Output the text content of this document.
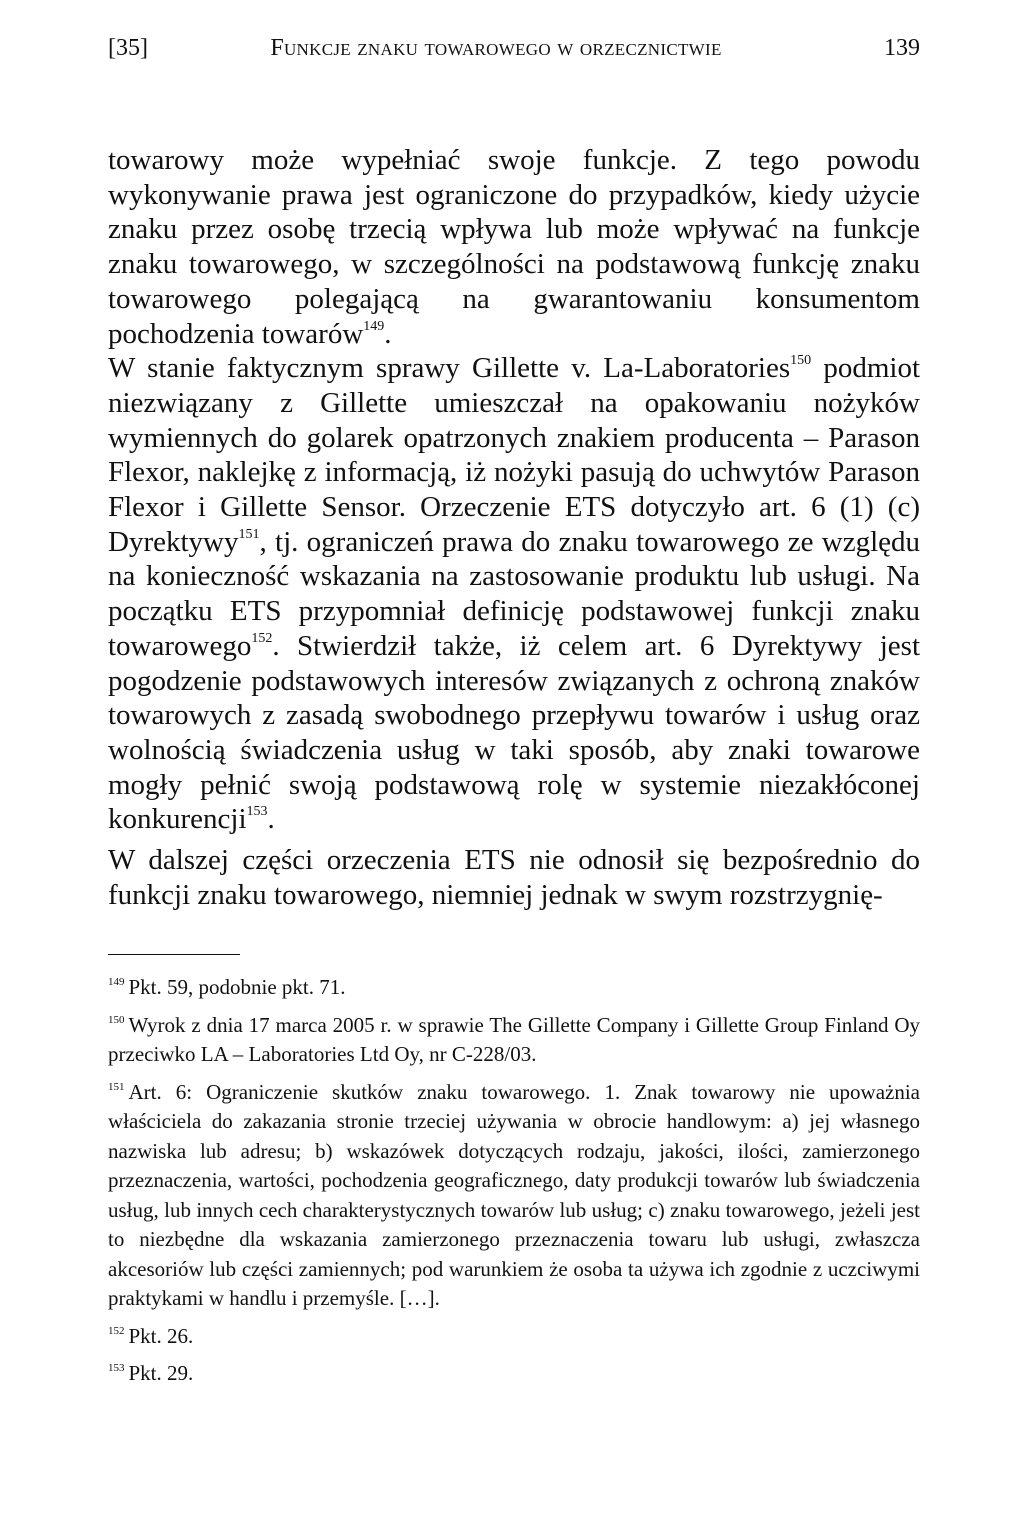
[35]	Funkcje znaku towarowego w orzecznictwie	139

towarowy może wypełniać swoje funkcje. Z tego powodu wykonywanie prawa jest ograniczone do przypadków, kiedy użycie znaku przez osobę trzecią wpływa lub może wpływać na funkcje znaku towarowego, w szczególności na podstawową funkcję znaku towarowego polegającą na gwarantowaniu konsumentom pochodzenia towarów$^{149}$.

W stanie faktycznym sprawy Gillette v. La-Laboratories$^{150}$ podmiot niezwiązany z Gillette umieszczał na opakowaniu nożyków wymiennych do golarek opatrzonych znakiem producenta – Parason Flexor, naklejkę z informacją, iż nożyki pasują do uchwytów Parason Flexor i Gillette Sensor. Orzeczenie ETS dotyczyło art. 6 (1) (c) Dyrektywy$^{151}$, tj. ograniczeń prawa do znaku towarowego ze względu na konieczność wskazania na zastosowanie produktu lub usługi. Na początku ETS przypomniał definicję podstawowej funkcji znaku towarowego$^{152}$. Stwierdził także, iż celem art. 6 Dyrektywy jest pogodzenie podstawowych interesów związanych z ochroną znaków towarowych z zasadą swobodnego przepływu towarów i usług oraz wolnością świadczenia usług w taki sposób, aby znaki towarowe mogły pełnić swoją podstawową rolę w systemie niezakłóconej konkurencji$^{153}$.

W dalszej części orzeczenia ETS nie odnosił się bezpośrednio do funkcji znaku towarowego, niemniej jednak w swym rozstrzygnię-

149 Pkt. 59, podobnie pkt. 71.

150 Wyrok z dnia 17 marca 2005 r. w sprawie The Gillette Company i Gillette Group Finland Oy przeciwko LA – Laboratories Ltd Oy, nr C-228/03.

151 Art. 6: Ograniczenie skutków znaku towarowego. 1. Znak towarowy nie upoważnia właściciela do zakazania stronie trzeciej używania w obrocie handlowym: a) jej własnego nazwiska lub adresu; b) wskazówek dotyczących rodzaju, jakości, ilości, zamierzonego przeznaczenia, wartości, pochodzenia geograficznego, daty produkcji towarów lub świadczenia usług, lub innych cech charakterystycznych towarów lub usług; c) znaku towarowego, jeżeli jest to niezbędne dla wskazania zamierzonego przeznaczenia towaru lub usługi, zwłaszcza akcesoriów lub części zamiennych; pod warunkiem że osoba ta używa ich zgodnie z uczciwymi praktykami w handlu i przemyśle. […].

152 Pkt. 26.

153 Pkt. 29.
